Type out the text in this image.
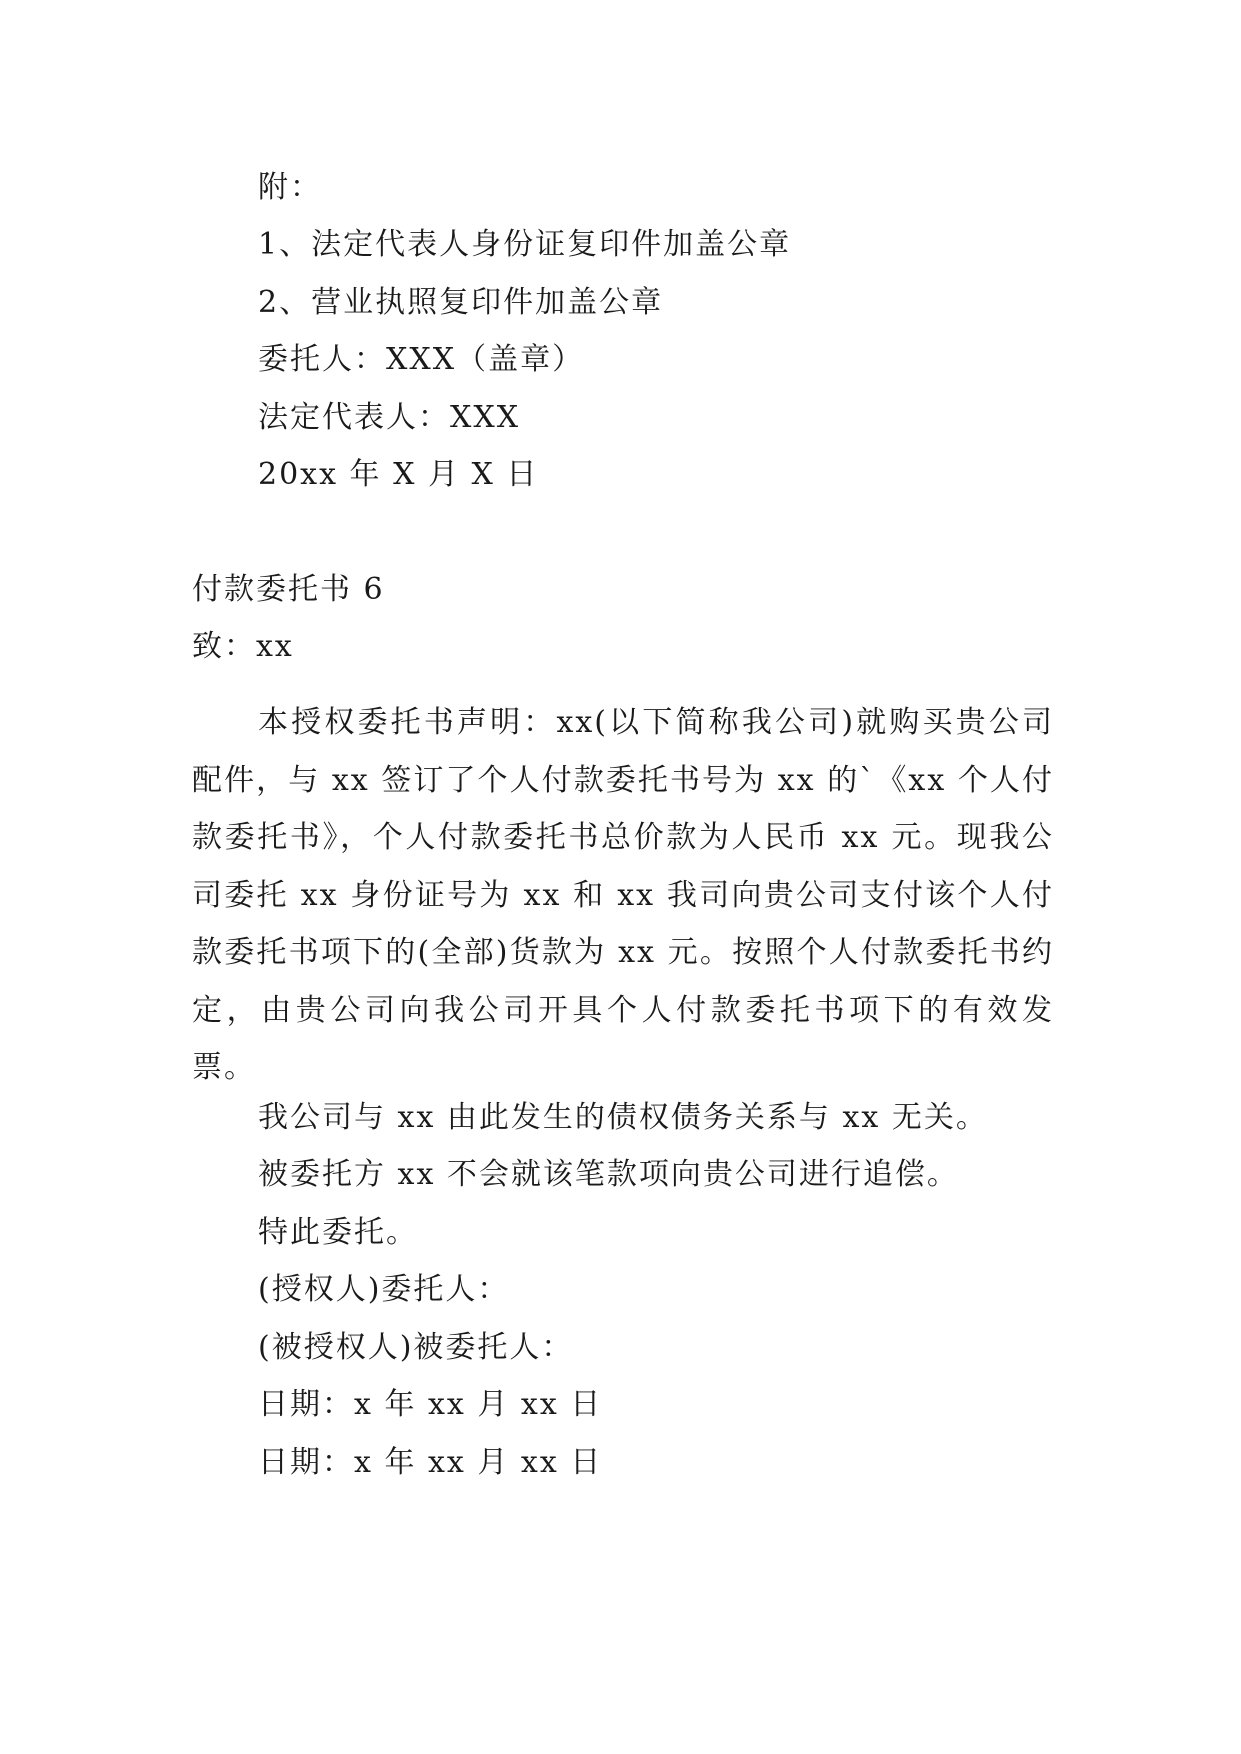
附：
1、法定代表人身份证复印件加盖公章
2、营业执照复印件加盖公章
委托人：XXX（盖章）
法定代表人：XXX
20xx 年 X 月 X 日
付款委托书 6
致：xx
本授权委托书声明：xx(以下简称我公司)就购买贵公司配件，与 xx 签订了个人付款委托书号为 xx 的`《xx 个人付款委托书》，个人付款委托书总价款为人民币 xx 元。现我公司委托 xx 身份证号为 xx 和 xx 我司向贵公司支付该个人付款委托书项下的(全部)货款为 xx 元。按照个人付款委托书约定，由贵公司向我公司开具个人付款委托书项下的有效发票。
我公司与 xx 由此发生的债权债务关系与 xx 无关。
被委托方 xx 不会就该笔款项向贵公司进行追偿。
特此委托。
(授权人)委托人：
(被授权人)被委托人：
日期：x 年 xx 月 xx 日
日期：x 年 xx 月 xx 日
